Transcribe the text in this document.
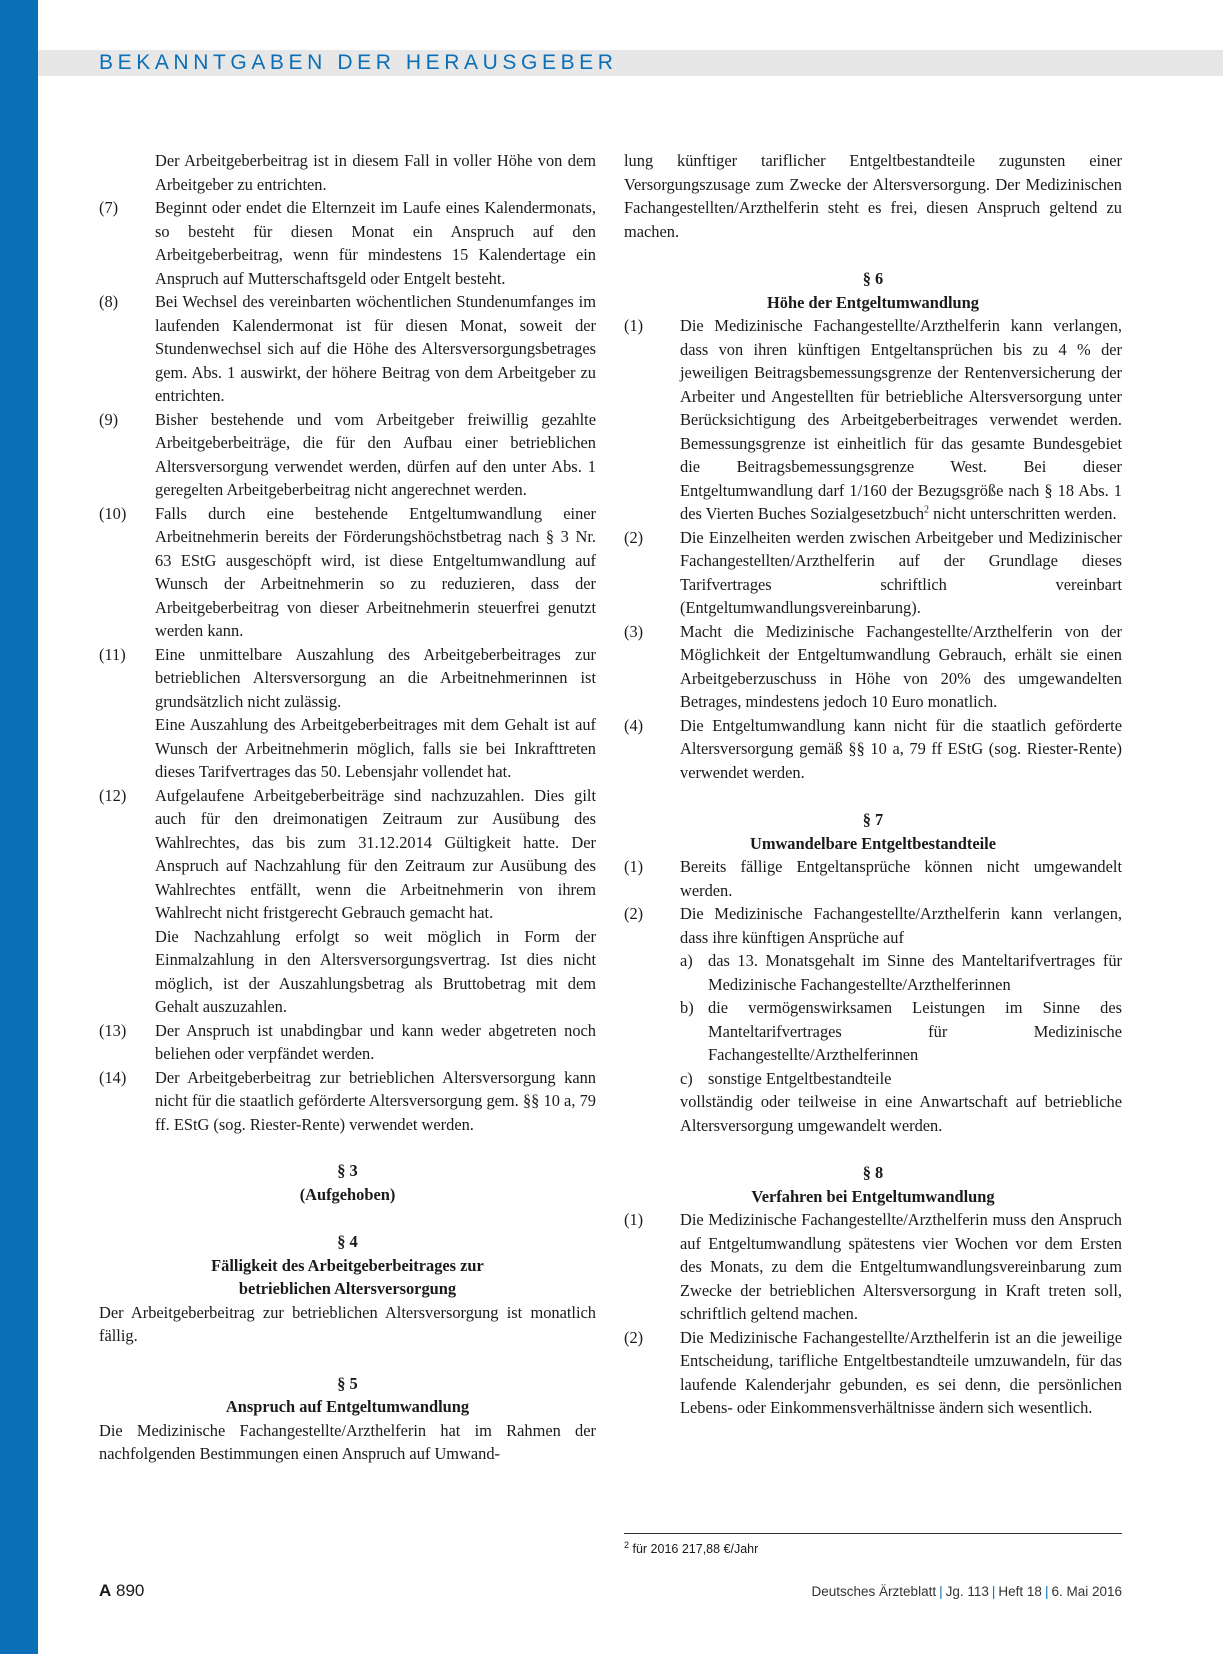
BEKANNTGABEN DER HERAUSGEBER
Der Arbeitgeberbeitrag ist in diesem Fall in voller Höhe von dem Arbeitgeber zu entrichten.
(7) Beginnt oder endet die Elternzeit im Laufe eines Kalendermonats, so besteht für diesen Monat ein Anspruch auf den Arbeitgeberbeitrag, wenn für mindestens 15 Kalendertage ein Anspruch auf Mutterschaftsgeld oder Entgelt besteht.
(8) Bei Wechsel des vereinbarten wöchentlichen Stundenumfanges im laufenden Kalendermonat ist für diesen Monat, soweit der Stundenwechsel sich auf die Höhe des Altersversorgungsbetrages gem. Abs. 1 auswirkt, der höhere Beitrag von dem Arbeitgeber zu entrichten.
(9) Bisher bestehende und vom Arbeitgeber freiwillig gezahlte Arbeitgeberbeiträge, die für den Aufbau einer betrieblichen Altersversorgung verwendet werden, dürfen auf den unter Abs. 1 geregelten Arbeitgeberbeitrag nicht angerechnet werden.
(10) Falls durch eine bestehende Entgeltumwandlung einer Arbeitnehmerin bereits der Förderungshöchstbetrag nach § 3 Nr. 63 EStG ausgeschöpft wird, ist diese Entgeltumwandlung auf Wunsch der Arbeitnehmerin so zu reduzieren, dass der Arbeitgeberbeitrag von dieser Arbeitnehmerin steuerfrei genutzt werden kann.
(11) Eine unmittelbare Auszahlung des Arbeitgeberbeitrages zur betrieblichen Altersversorgung an die Arbeitnehmerinnen ist grundsätzlich nicht zulässig.
Eine Auszahlung des Arbeitgeberbeitrages mit dem Gehalt ist auf Wunsch der Arbeitnehmerin möglich, falls sie bei Inkrafttreten dieses Tarifvertrages das 50. Lebensjahr vollendet hat.
(12) Aufgelaufene Arbeitgeberbeiträge sind nachzuzahlen. Dies gilt auch für den dreimonatigen Zeitraum zur Ausübung des Wahlrechtes, das bis zum 31.12.2014 Gültigkeit hatte. Der Anspruch auf Nachzahlung für den Zeitraum zur Ausübung des Wahlrechtes entfällt, wenn die Arbeitnehmerin von ihrem Wahlrecht nicht fristgerecht Gebrauch gemacht hat.
Die Nachzahlung erfolgt so weit möglich in Form der Einmalzahlung in den Altersversorgungsvertrag. Ist dies nicht möglich, ist der Auszahlungsbetrag als Bruttobetrag mit dem Gehalt auszuzahlen.
(13) Der Anspruch ist unabdingbar und kann weder abgetreten noch beliehen oder verpfändet werden.
(14) Der Arbeitgeberbeitrag zur betrieblichen Altersversorgung kann nicht für die staatlich geförderte Altersversorgung gem. §§ 10 a, 79 ff. EStG (sog. Riester-Rente) verwendet werden.
§ 3
(Aufgehoben)
§ 4
Fälligkeit des Arbeitgeberbeitrages zur
betrieblichen Altersversorgung
Der Arbeitgeberbeitrag zur betrieblichen Altersversorgung ist monatlich fällig.
§ 5
Anspruch auf Entgeltumwandlung
Die Medizinische Fachangestellte/Arzthelferin hat im Rahmen der nachfolgenden Bestimmungen einen Anspruch auf Umwand-
lung künftiger tariflicher Entgeltbestandteile zugunsten einer Versorgungszusage zum Zwecke der Altersversorgung. Der Medizinischen Fachangestellten/Arzthelferin steht es frei, diesen Anspruch geltend zu machen.
§ 6
Höhe der Entgeltumwandlung
(1) Die Medizinische Fachangestellte/Arzthelferin kann verlangen, dass von ihren künftigen Entgeltansprüchen bis zu 4 % der jeweiligen Beitragsbemessungsgrenze der Rentenversicherung der Arbeiter und Angestellten für betriebliche Altersversorgung unter Berücksichtigung des Arbeitgeberbeitrages verwendet werden. Bemessungsgrenze ist einheitlich für das gesamte Bundesgebiet die Beitragsbemessungsgrenze West. Bei dieser Entgeltumwandlung darf 1/160 der Bezugsgröße nach § 18 Abs. 1 des Vierten Buches Sozialgesetzbuch$^2$ nicht unterschritten werden.
(2) Die Einzelheiten werden zwischen Arbeitgeber und Medizinischer Fachangestellten/Arzthelferin auf der Grundlage dieses Tarifvertrages schriftlich vereinbart (Entgeltumwandlungsvereinbarung).
(3) Macht die Medizinische Fachangestellte/Arzthelferin von der Möglichkeit der Entgeltumwandlung Gebrauch, erhält sie einen Arbeitgeberzuschuss in Höhe von 20% des umgewandelten Betrages, mindestens jedoch 10 Euro monatlich.
(4) Die Entgeltumwandlung kann nicht für die staatlich geförderte Altersversorgung gemäß §§ 10 a, 79 ff EStG (sog. Riester-Rente) verwendet werden.
§ 7
Umwandelbare Entgeltbestandteile
(1) Bereits fällige Entgeltansprüche können nicht umgewandelt werden.
(2) Die Medizinische Fachangestellte/Arzthelferin kann verlangen, dass ihre künftigen Ansprüche auf
a) das 13. Monatsgehalt im Sinne des Manteltarifvertrages für Medizinische Fachangestellte/Arzthelferinnen
b) die vermögenswirksamen Leistungen im Sinne des Manteltarifvertrages für Medizinische Fachangestellte/Arzthelferinnen
c) sonstige Entgeltbestandteile
vollständig oder teilweise in eine Anwartschaft auf betriebliche Altersversorgung umgewandelt werden.
§ 8
Verfahren bei Entgeltumwandlung
(1) Die Medizinische Fachangestellte/Arzthelferin muss den Anspruch auf Entgeltumwandlung spätestens vier Wochen vor dem Ersten des Monats, zu dem die Entgeltumwandlungsvereinbarung zum Zwecke der betrieblichen Altersversorgung in Kraft treten soll, schriftlich geltend machen.
(2) Die Medizinische Fachangestellte/Arzthelferin ist an die jeweilige Entscheidung, tarifliche Entgeltbestandteile umzuwandeln, für das laufende Kalenderjahr gebunden, es sei denn, die persönlichen Lebens- oder Einkommensverhältnisse ändern sich wesentlich.
$^2$ für 2016 217,88 €/Jahr
A 890	Deutsches Ärzteblatt | Jg. 113 | Heft 18 | 6. Mai 2016
